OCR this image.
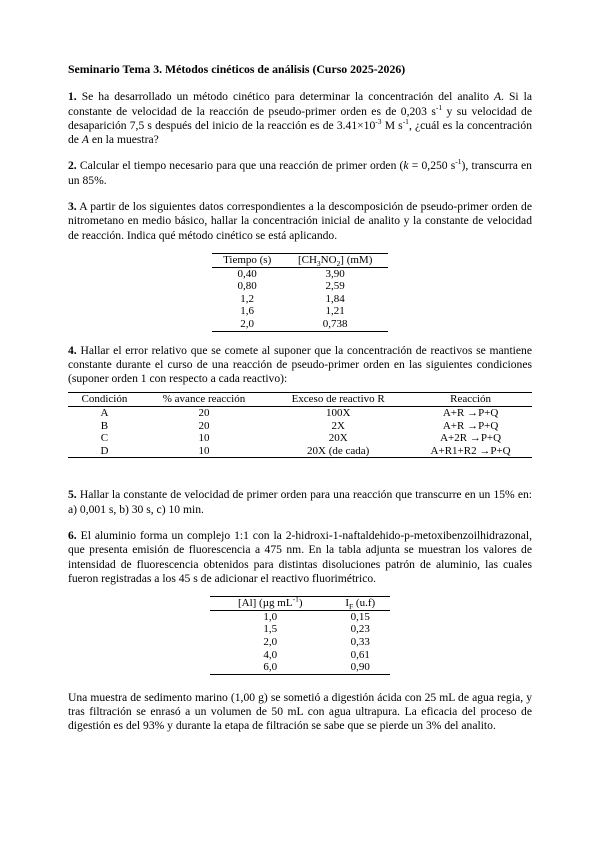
Seminario Tema 3. Métodos cinéticos de análisis (Curso 2025-2026)

1. Se ha desarrollado un método cinético para determinar la concentración del analito A. Si la constante de velocidad de la reacción de pseudo-primer orden es de 0,203 $s^{-1}$ y su velocidad de desaparición 7,5 s después del inicio de la reacción es de $3.41\times 10^{-3}$ M $s^{-1}$, ¿cuál es la concentración de A en la muestra?

2. Calcular el tiempo necesario para que una reacción de primer orden (k = 0,250 $s^{-1}$), transcurra en un 85%.

3. A partir de los siguientes datos correspondientes a la descomposición de pseudo-primer orden de nitrometano en medio básico, hallar la concentración inicial de analito y la constante de velocidad de reacción. Indica qué método cinético se está aplicando.

Tiempo (s)	$[CH_3NO_2]$ (mM)
0,40	3,90
0,80	2,59
1,2	1,84
1,6	1,21
2,0	0,738

4. Hallar el error relativo que se comete al suponer que la concentración de reactivos se mantiene constante durante el curso de una reacción de pseudo-primer orden en las siguientes condiciones (suponer orden 1 con respecto a cada reactivo):

Condición	% avance reacción	Exceso de reactivo R	Reacción
A	20	100X	A+R →P+Q
B	20	2X	A+R →P+Q
C	10	20X	A+2R →P+Q
D	10	20X (de cada)	A+R1+R2 →P+Q

5. Hallar la constante de velocidad de primer orden para una reacción que transcurre en un 15% en: a) 0,001 s, b) 30 s, c) 10 min.

6. El aluminio forma un complejo 1:1 con la 2-hidroxi-1-naftaldehido-p-metoxibenzoilhidrazonal, que presenta emisión de fluorescencia a 475 nm. En la tabla adjunta se muestran los valores de intensidad de fluorescencia obtenidos para distintas disoluciones patrón de aluminio, las cuales fueron registradas a los 45 s de adicionar el reactivo fluorimétrico.

[Al] (µg $mL^{-1}$)	$I_F$ (u.f)
1,0	0,15
1,5	0,23
2,0	0,33
4,0	0,61
6,0	0,90

Una muestra de sedimento marino (1,00 g) se sometió a digestión ácida con 25 mL de agua regia, y tras filtración se enrasó a un volumen de 50 mL con agua ultrapura. La eficacia del proceso de digestión es del 93% y durante la etapa de filtración se sabe que se pierde un 3% del analito.
